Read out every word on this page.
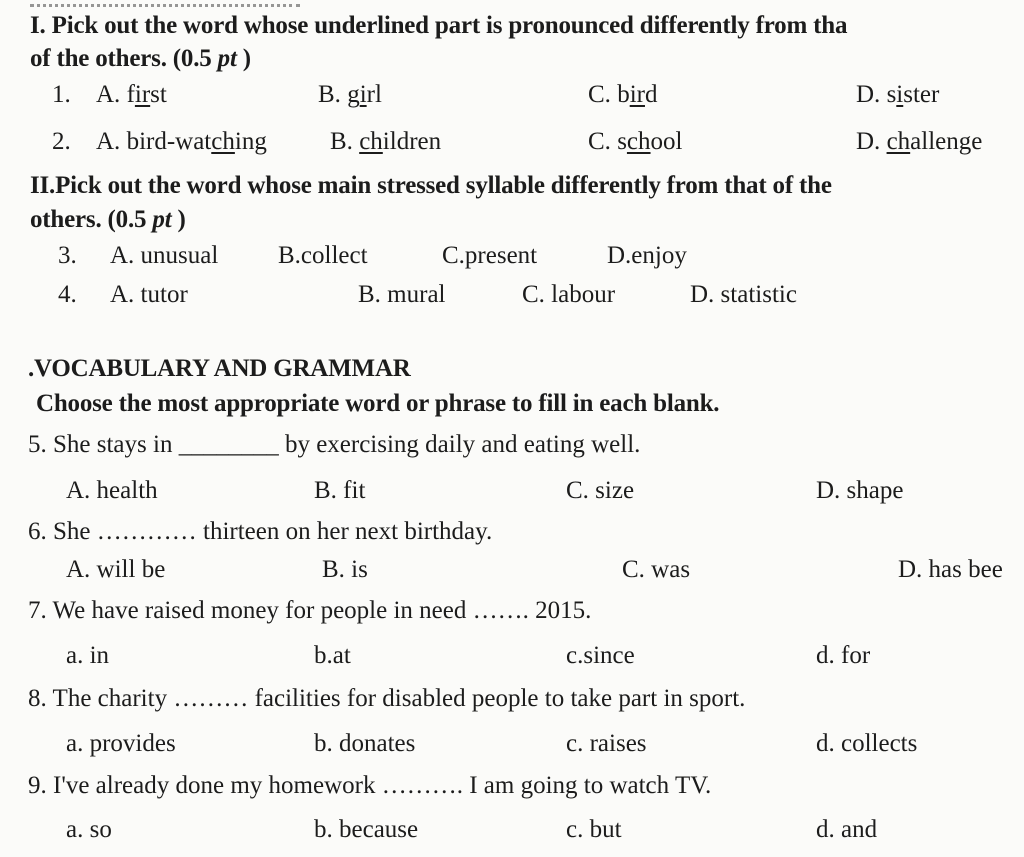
I. Pick out the word whose underlined part is pronounced differently from tha
of the others. (0.5 pt )
1. A. first	B. girl	C. bird	D. sister
2. A. bird-watching	B. children	C. school	D. challenge
II.Pick out the word whose main stressed syllable differently from that of the
others. (0.5 pt )
3. A. unusual B.collect	C.present	D.enjoy
4. A. tutor	B. mural	C. labour	D. statistic
.VOCABULARY AND GRAMMAR
Choose the most appropriate word or phrase to fill in each blank.
5. She stays in ________ by exercising daily and eating well.
A. health	B. fit	C. size	D. shape
6. She ………… thirteen on her next birthday.
A. will be	B. is	C. was	D. has bee
7. We have raised money for people in need ……. 2015.
a. in	b.at	c.since	d. for
8. The charity ……… facilities for disabled people to take part in sport.
a. provides	b. donates	c. raises	d. collects
9. I've already done my homework ………. I am going to watch TV.
a. so	b. because	c. but	d. and
